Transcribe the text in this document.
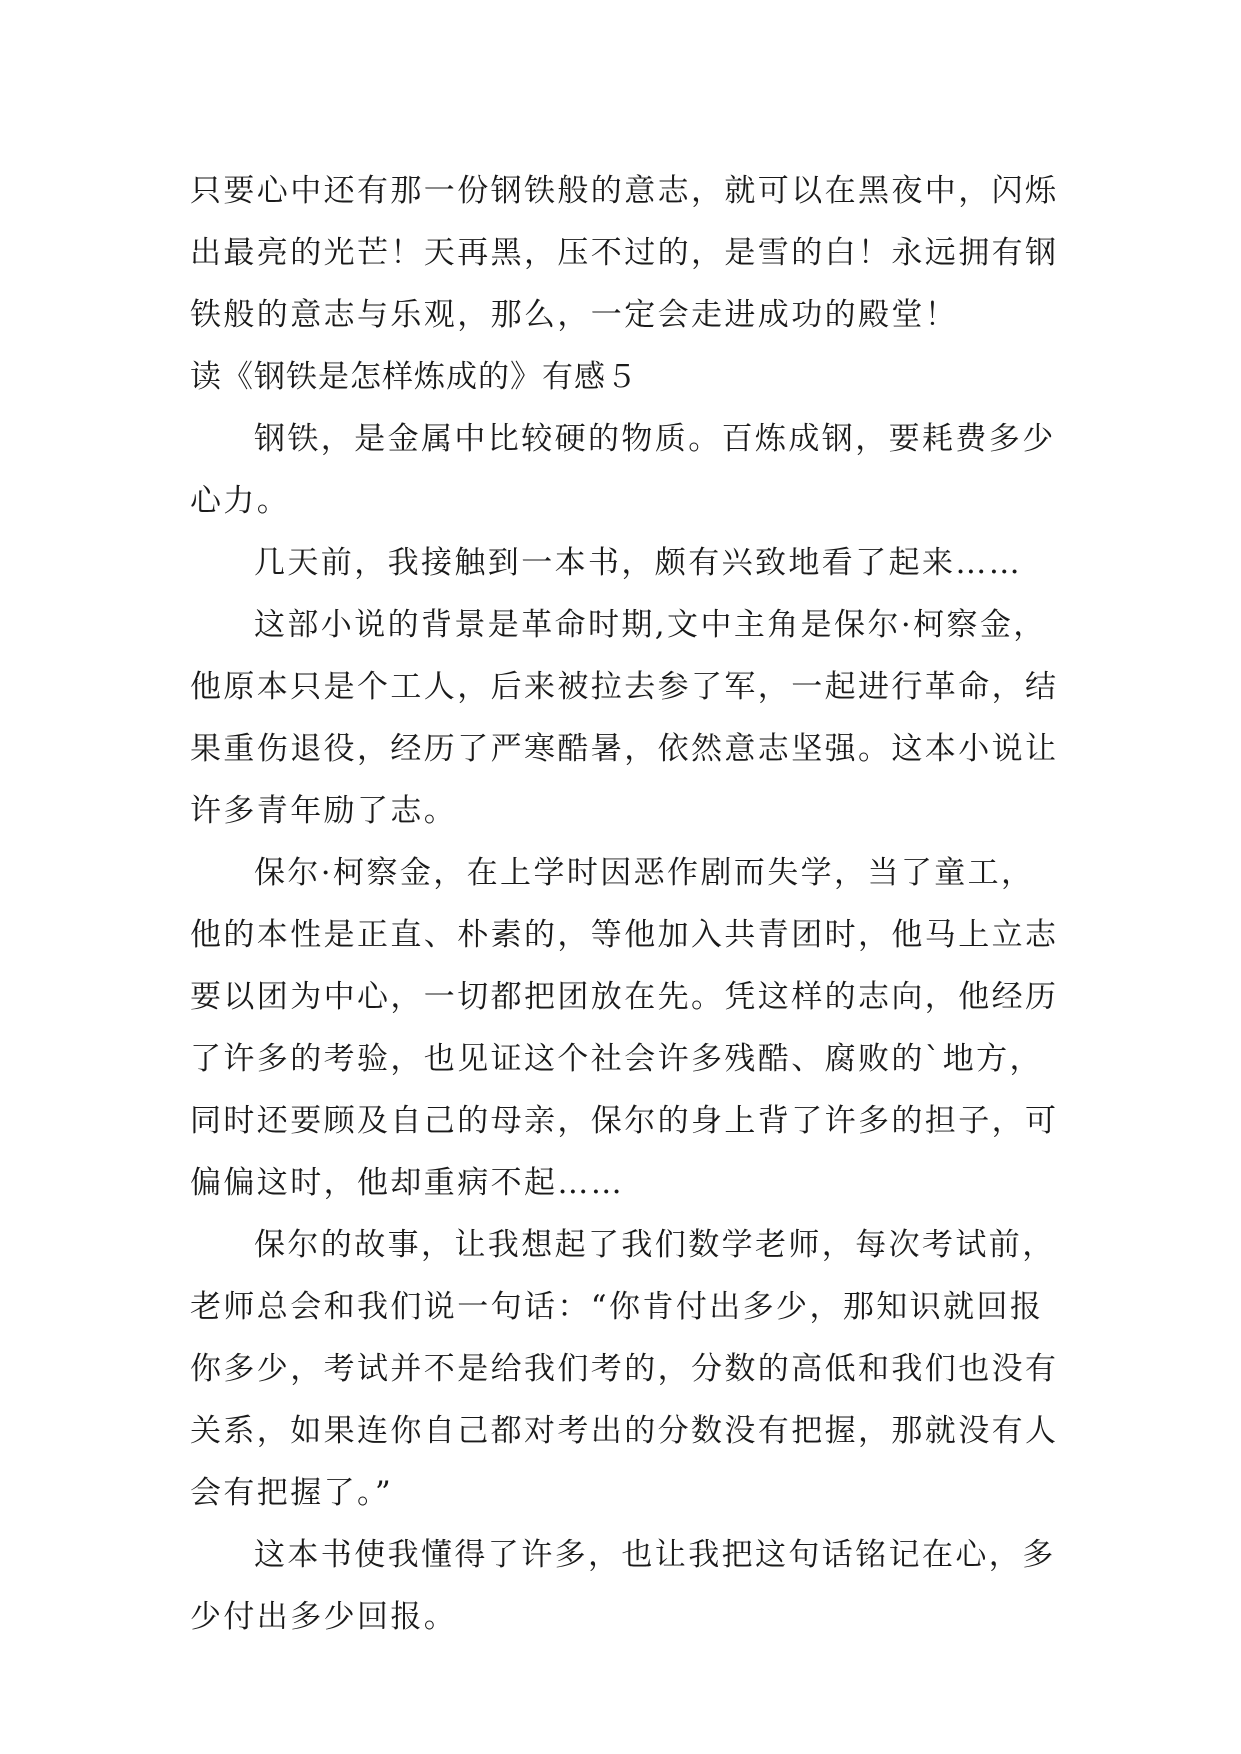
只要心中还有那一份钢铁般的意志，就可以在黑夜中，闪烁
出最亮的光芒！天再黑，压不过的，是雪的白！永远拥有钢
铁般的意志与乐观，那么，一定会走进成功的殿堂！
读《钢铁是怎样炼成的》有感５
钢铁，是金属中比较硬的物质。百炼成钢，要耗费多少
心力。
几天前，我接触到一本书，颇有兴致地看了起来……
这部小说的背景是革命时期,文中主角是保尔·柯察金，
他原本只是个工人，后来被拉去参了军，一起进行革命，结
果重伤退役，经历了严寒酷暑，依然意志坚强。这本小说让
许多青年励了志。
保尔·柯察金，在上学时因恶作剧而失学，当了童工，
他的本性是正直、朴素的，等他加入共青团时，他马上立志
要以团为中心，一切都把团放在先。凭这样的志向，他经历
了许多的考验，也见证这个社会许多残酷、腐败的`地方，
同时还要顾及自己的母亲，保尔的身上背了许多的担子，可
偏偏这时，他却重病不起……
保尔的故事，让我想起了我们数学老师，每次考试前，
老师总会和我们说一句话：“你肯付出多少，那知识就回报
你多少，考试并不是给我们考的，分数的高低和我们也没有
关系，如果连你自己都对考出的分数没有把握，那就没有人
会有把握了。”
这本书使我懂得了许多，也让我把这句话铭记在心，多
少付出多少回报。
